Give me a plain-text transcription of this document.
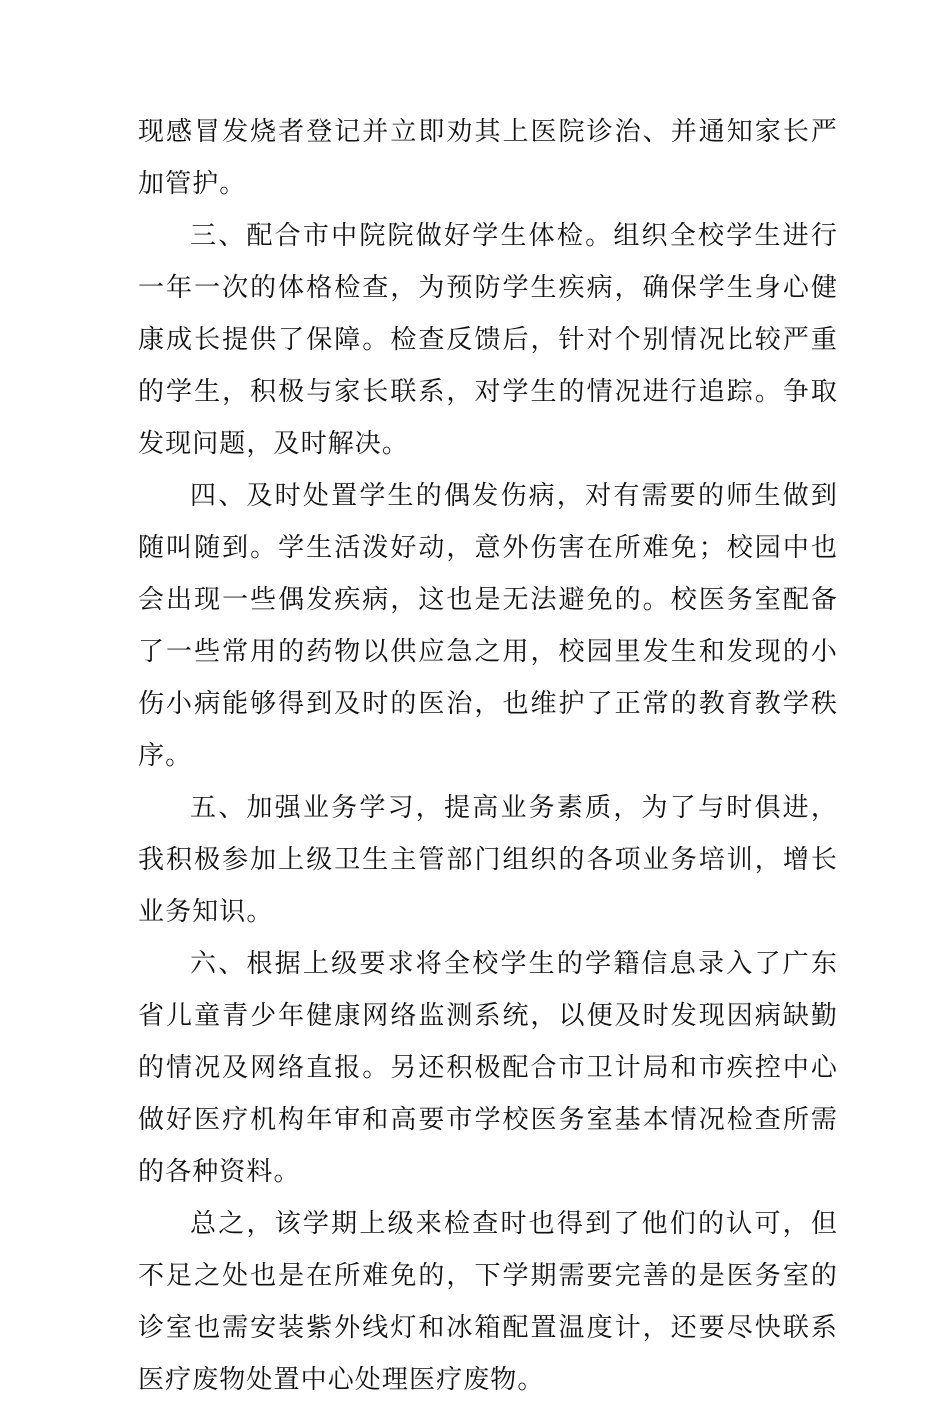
现感冒发烧者登记并立即劝其上医院诊治、并通知家长严加管护。

三、配合市中院院做好学生体检。组织全校学生进行一年一次的体格检查，为预防学生疾病，确保学生身心健康成长提供了保障。检查反馈后，针对个别情况比较严重的学生，积极与家长联系，对学生的情况进行追踪。争取发现问题，及时解决。

四、及时处置学生的偶发伤病，对有需要的师生做到随叫随到。学生活泼好动，意外伤害在所难免；校园中也会出现一些偶发疾病，这也是无法避免的。校医务室配备了一些常用的药物以供应急之用，校园里发生和发现的小伤小病能够得到及时的医治，也维护了正常的教育教学秩序。

五、加强业务学习，提高业务素质，为了与时俱进，我积极参加上级卫生主管部门组织的各项业务培训，增长业务知识。

六、根据上级要求将全校学生的学籍信息录入了广东省儿童青少年健康网络监测系统，以便及时发现因病缺勤的情况及网络直报。另还积极配合市卫计局和市疾控中心做好医疗机构年审和高要市学校医务室基本情况检查所需的各种资料。

总之，该学期上级来检查时也得到了他们的认可，但不足之处也是在所难免的，下学期需要完善的是医务室的诊室也需安装紫外线灯和冰箱配置温度计，还要尽快联系医疗废物处置中心处理医疗废物。
